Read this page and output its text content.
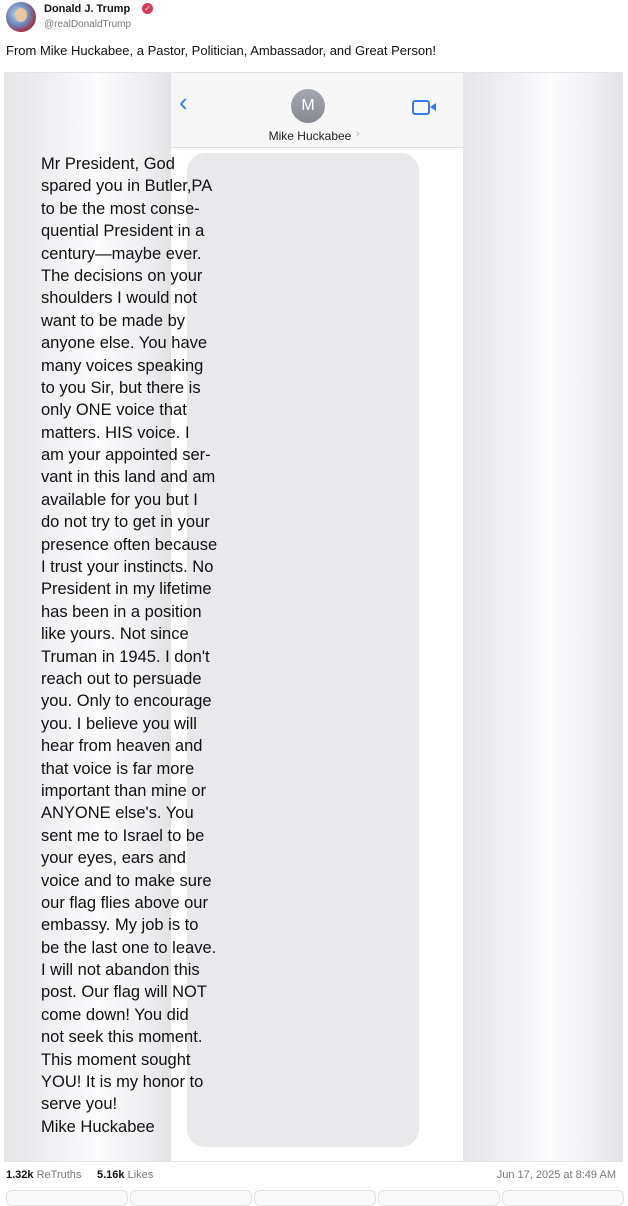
Donald J. Trump ✓
@realDonaldTrump
From Mike Huckabee, a Pastor, Politician, Ambassador, and Great Person!
‹	M
Mike Huckabee ›
Mr President, God
spared you in Butler,PA
to be the most conse-
quential President in a
century—maybe ever.
The decisions on your
shoulders I would not
want to be made by
anyone else. You have
many voices speaking
to you Sir, but there is
only ONE voice that
matters. HIS voice. I
am your appointed ser-
vant in this land and am
available for you but I
do not try to get in your
presence often because
I trust your instincts. No
President in my lifetime
has been in a position
like yours. Not since
Truman in 1945. I don't
reach out to persuade
you. Only to encourage
you. I believe you will
hear from heaven and
that voice is far more
important than mine or
ANYONE else's. You
sent me to Israel to be
your eyes, ears and
voice and to make sure
our flag flies above our
embassy. My job is to
be the last one to leave.
I will not abandon this
post. Our flag will NOT
come down! You did
not seek this moment.
This moment sought
YOU! It is my honor to
serve you!
Mike Huckabee
1.32k ReTruths 5.16k Likes	Jun 17, 2025 at 8:49 AM
